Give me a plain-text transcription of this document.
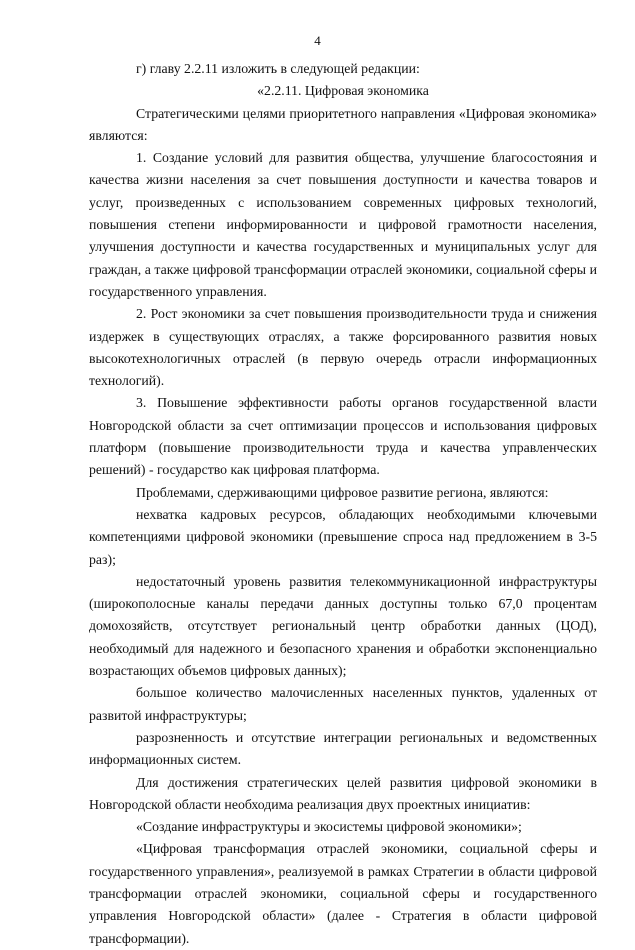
4

г) главу 2.2.11 изложить в следующей редакции:

«2.2.11. Цифровая экономика

Стратегическими целями приоритетного направления «Цифровая экономика» являются:

1. Создание условий для развития общества, улучшение благосостояния и качества жизни населения за счет повышения доступности и качества товаров и услуг, произведенных с использованием современных цифровых технологий, повышения степени информированности и цифровой грамотности населения, улучшения доступности и качества государственных и муниципальных услуг для граждан, а также цифровой трансформации отраслей экономики, социальной сферы и государственного управления.

2. Рост экономики за счет повышения производительности труда и снижения издержек в существующих отраслях, а также форсированного развития новых высокотехнологичных отраслей (в первую очередь отрасли информационных технологий).

3. Повышение эффективности работы органов государственной власти Новгородской области за счет оптимизации процессов и использования цифровых платформ (повышение производительности труда и качества управленческих решений) - государство как цифровая платформа.

Проблемами, сдерживающими цифровое развитие региона, являются:

нехватка кадровых ресурсов, обладающих необходимыми ключевыми компетенциями цифровой экономики (превышение спроса над предложением в 3-5 раз);

недостаточный уровень развития телекоммуникационной инфраструктуры (широкополосные каналы передачи данных доступны только 67,0 процентам домохозяйств, отсутствует региональный центр обработки данных (ЦОД), необходимый для надежного и безопасного хранения и обработки экспоненциально возрастающих объемов цифровых данных);

большое количество малочисленных населенных пунктов, удаленных от развитой инфраструктуры;

разрозненность и отсутствие интеграции региональных и ведомственных информационных систем.

Для достижения стратегических целей развития цифровой экономики в Новгородской области необходима реализация двух проектных инициатив:

«Создание инфраструктуры и экосистемы цифровой экономики»;

«Цифровая трансформация отраслей экономики, социальной сферы и государственного управления», реализуемой в рамках Стратегии в области цифровой трансформации отраслей экономики, социальной сферы и государственного управления Новгородской области» (далее - Стратегия в области цифровой трансформации).
